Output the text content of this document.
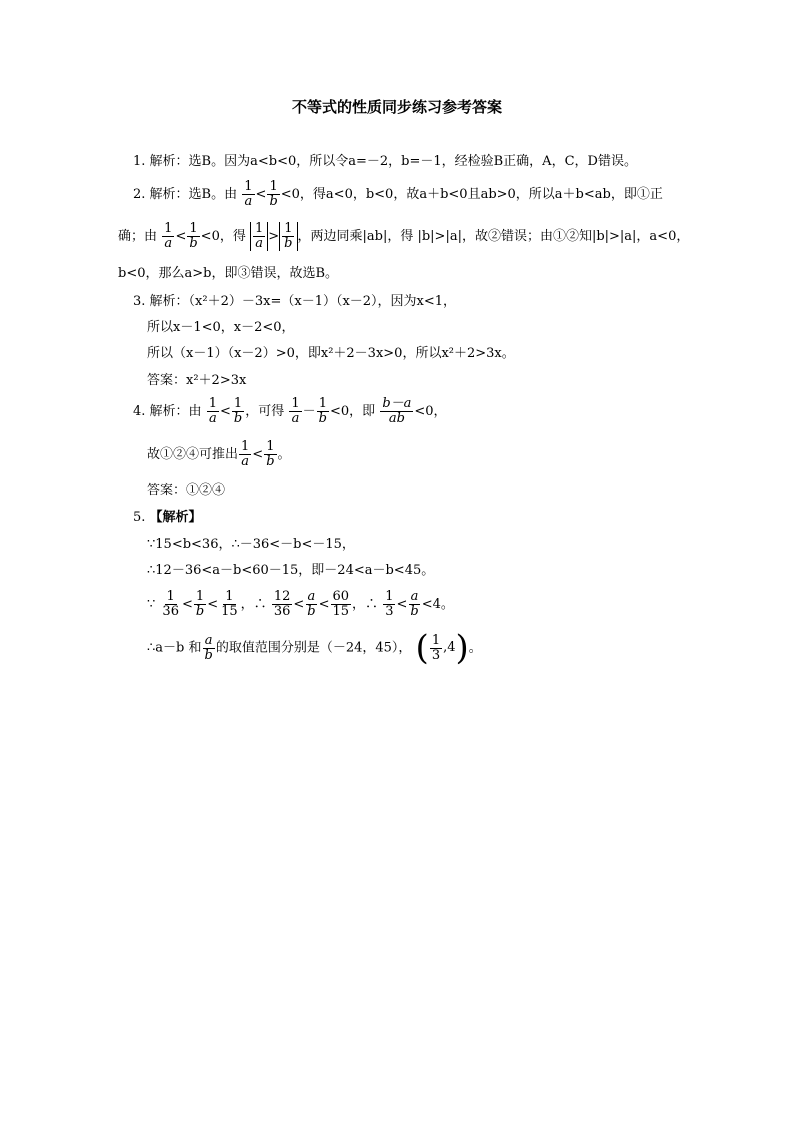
不等式的性质同步练习参考答案
1. 解析：选B。因为a<b<0，所以令a=－2，b=－1，经检验B正确，A，C，D错误。
2. 解析：选B。由 $\frac{1}{a} < \frac{1}{b} <0$，得a<0，b<0，故a＋b<0且ab>0，所以a＋b<ab，即①正
确；由 $\frac{1}{a} < \frac{1}{b} <0$，得 $\frac{1}{a} > \frac{1}{b}$ ，两边同乘|ab|，得 |b|>|a|，故②错误；由①②知|b|>|a|，a<0，
b<0，那么a>b，即③错误，故选B。
3. 解析：（x²＋2）－3x=（x－1）（x－2），因为x<1，
所以x－1<0，x－2<0，
所以（x－1）（x－2）>0，即x²＋2－3x>0，所以x²＋2>3x。
答案：x²＋2>3x
4. 解析：由 $\frac{1}{a} < \frac{1}{b}$ ，可得 $\frac{1}{a} - \frac{1}{b} <0$，即 $\frac{b-a}{ab} <0$，
故①②④可推出 $\frac{1}{a} < \frac{1}{b}$ 。
答案：①②④
5. 【解析】
∵15<b<36，∴－36<－b<－15，
∴12－36<a－b<60－15，即－24<a－b<45。
∵ $\frac{1}{36} < \frac{1}{b} < \frac{1}{15}$ ，∴ $\frac{12}{36} < \frac{a}{b} < \frac{60}{15}$ ，∴ $\frac{1}{3} < \frac{a}{b} <4$。
∴a－b 和 $\frac{a}{b}$ 的取值范围分别是（－24，45）， ( $\frac{1}{3}$ , 4 ) 。
